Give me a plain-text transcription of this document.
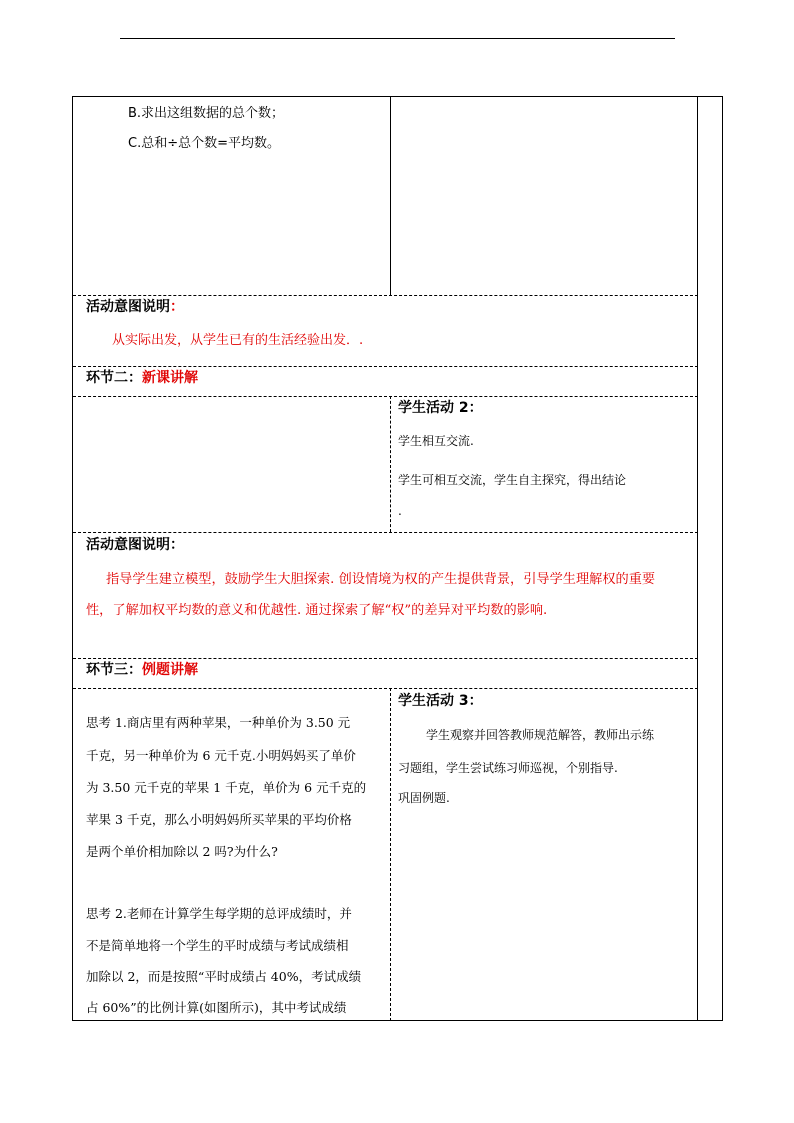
B.求出这组数据的总个数；
C.总和÷总个数=平均数。
活动意图说明：
从实际出发，从学生已有的生活经验出发．.
环节二：新课讲解
学生活动 2：
学生相互交流.
学生可相互交流，学生自主探究，得出结论
.
活动意图说明：
指导学生建立模型，鼓励学生大胆探索. 创设情境为权的产生提供背景，引导学生理解权的重要
性，了解加权平均数的意义和优越性. 通过探索了解“权”的差异对平均数的影响.
环节三：例题讲解
学生活动 3：
学生观察并回答教师规范解答，教师出示练
习题组，学生尝试练习师巡视，个别指导.
巩固例题.
思考 1.商店里有两种苹果，一种单价为 3.50 元
千克，另一种单价为 6 元千克.小明妈妈买了单价
为 3.50 元千克的苹果 1 千克，单价为 6 元千克的
苹果 3 千克，那么小明妈妈所买苹果的平均价格
是两个单价相加除以 2 吗?为什么?
思考 2.老师在计算学生每学期的总评成绩时，并
不是简单地将一个学生的平时成绩与考试成绩相
加除以 2，而是按照“平时成绩占 40%，考试成绩
占 60%”的比例计算(如图所示)，其中考试成绩
